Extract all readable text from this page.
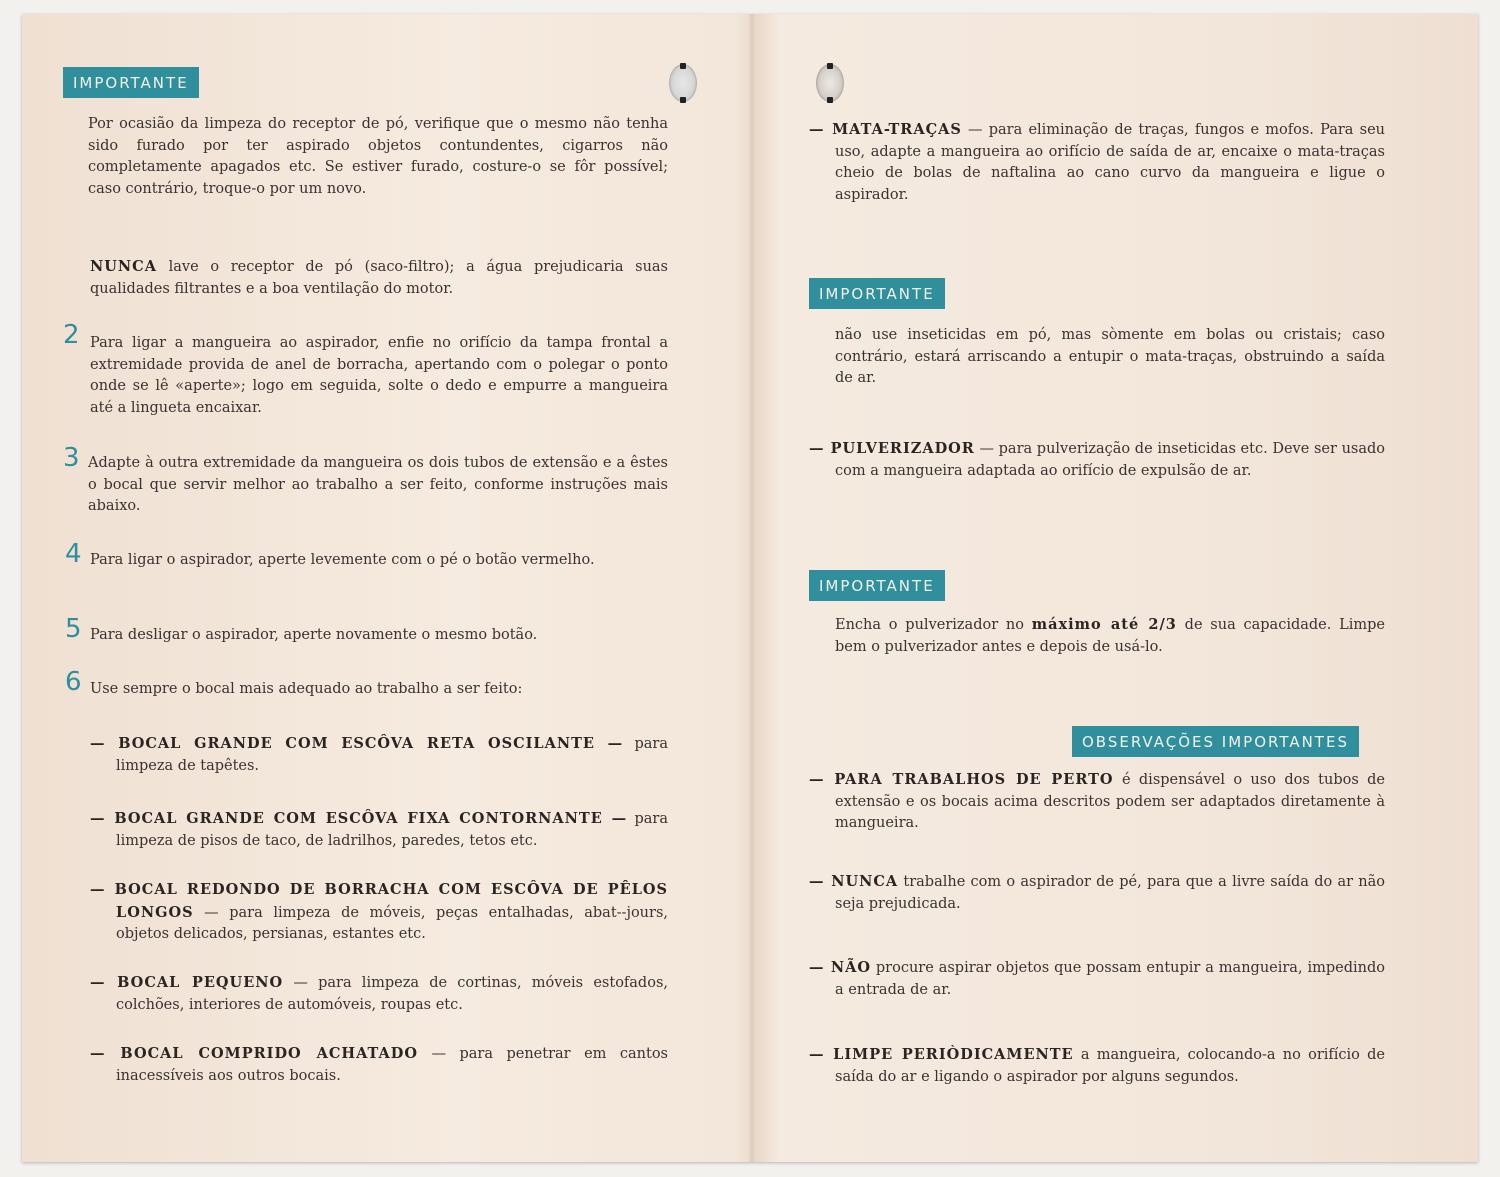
IMPORTANTE
Por ocasião da limpeza do receptor de pó, verifique que o mesmo não tenha sido furado por ter aspirado objetos contundentes, cigarros não completamente apagados etc. Se estiver furado, costure-o se fôr possível; caso contrário, troque-o por um novo.
NUNCA lave o receptor de pó (saco-filtro); a água prejudicaria suas qualidades filtrantes e a boa ventilação do motor.
2 Para ligar a mangueira ao aspirador, enfie no orifício da tampa frontal a extremidade provida de anel de borracha, apertando com o polegar o ponto onde se lê «aperte»; logo em seguida, solte o dedo e empurre a mangueira até a lingueta encaixar.
3 Adapte à outra extremidade da mangueira os dois tubos de extensão e a êstes o bocal que servir melhor ao trabalho a ser feito, conforme instruções mais abaixo.
4 Para ligar o aspirador, aperte levemente com o pé o botão vermelho.
5 Para desligar o aspirador, aperte novamente o mesmo botão.
6 Use sempre o bocal mais adequado ao trabalho a ser feito:
— BOCAL GRANDE COM ESCÔVA RETA OSCILANTE — para limpeza de tapêtes.
— BOCAL GRANDE COM ESCÔVA FIXA CONTORNANTE — para limpeza de pisos de taco, de ladrilhos, paredes, tetos etc.
— BOCAL REDONDO DE BORRACHA COM ESCÔVA DE PÊLOS LONGOS — para limpeza de móveis, peças entalhadas, abat--jours, objetos delicados, persianas, estantes etc.
— BOCAL PEQUENO — para limpeza de cortinas, móveis estofados, colchões, interiores de automóveis, roupas etc.
— BOCAL COMPRIDO ACHATADO — para penetrar em cantos inacessíveis aos outros bocais.
— MATA-TRAÇAS — para eliminação de traças, fungos e mofos. Para seu uso, adapte a mangueira ao orifício de saída de ar, encaixe o mata-traças cheio de bolas de naftalina ao cano curvo da mangueira e ligue o aspirador.
IMPORTANTE
não use inseticidas em pó, mas sòmente em bolas ou cristais; caso contrário, estará arriscando a entupir o mata-traças, obstruindo a saída de ar.
— PULVERIZADOR — para pulverização de inseticidas etc. Deve ser usado com a mangueira adaptada ao orifício de expulsão de ar.
IMPORTANTE
Encha o pulverizador no máximo até 2/3 de sua capacidade. Limpe bem o pulverizador antes e depois de usá-lo.
OBSERVAÇÕES IMPORTANTES
— PARA TRABALHOS DE PERTO é dispensável o uso dos tubos de extensão e os bocais acima descritos podem ser adaptados diretamente à mangueira.
— NUNCA trabalhe com o aspirador de pé, para que a livre saída do ar não seja prejudicada.
— NÃO procure aspirar objetos que possam entupir a mangueira, impedindo a entrada de ar.
— LIMPE PERIÒDICAMENTE a mangueira, colocando-a no orifício de saída do ar e ligando o aspirador por alguns segundos.
